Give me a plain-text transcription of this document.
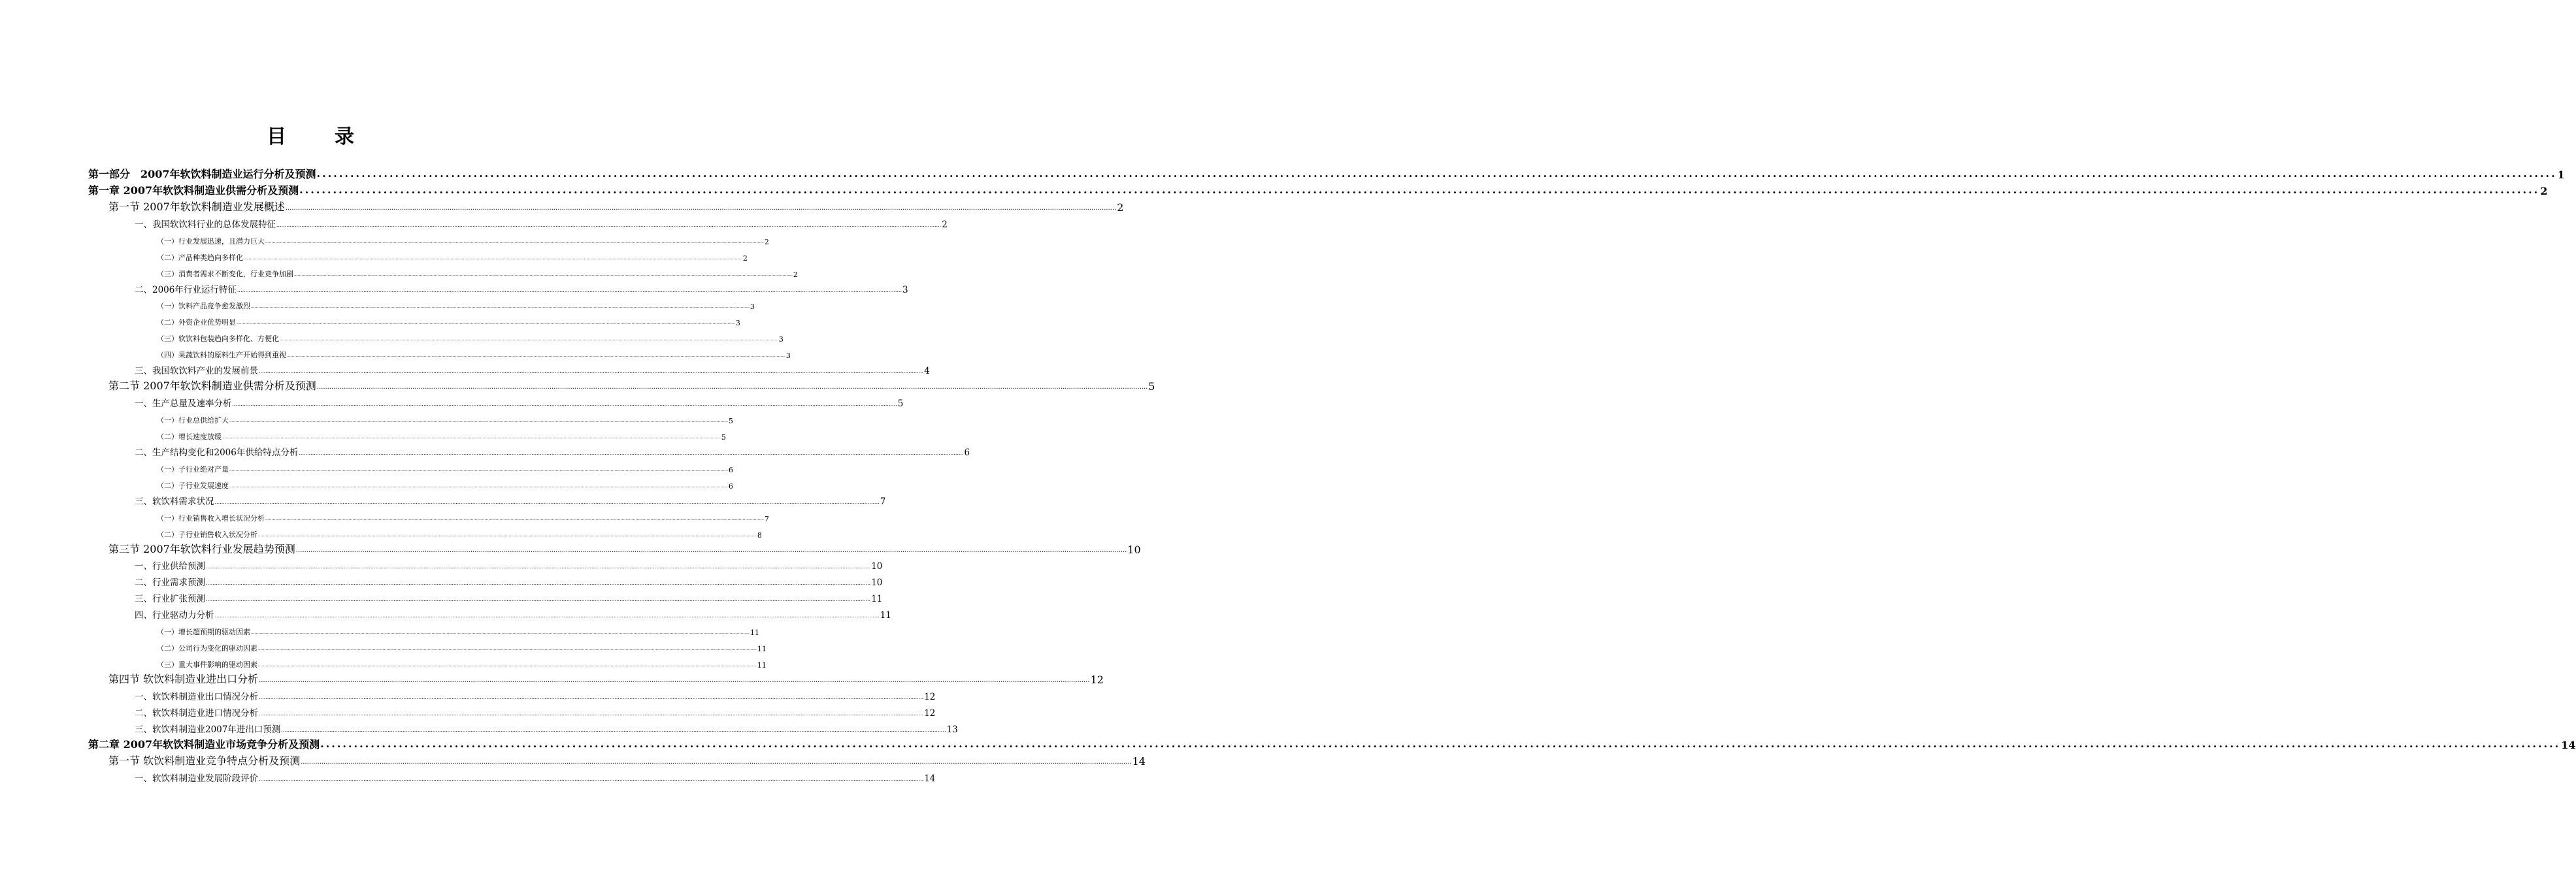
目　录
第一部分　2007年软饮料制造业运行分析及预测 ................................................................................................................................................................................................................................................................................................................................................................................................................ 1
第一章 2007年软饮料制造业供需分析及预测 ................................................................................................................................................................................................................................................................................................................................................................................................................ 2
第一节 2007年软饮料制造业发展概述 ................................................................................................................................................................................................................................................................................................................................................................................................................ 2
一、我国软饮料行业的总体发展特征 ................................................................................................................................................................................................................................................................................................................................................................................................................ 2
（一）行业发展迅速，且潜力巨大 ................................................................................................................................................................................................................................................................................................................................................................................................................ 2
（二）产品种类趋向多样化 ................................................................................................................................................................................................................................................................................................................................................................................................................ 2
（三）消费者需求不断变化，行业竞争加剧 ................................................................................................................................................................................................................................................................................................................................................................................................................ 2
二、2006年行业运行特征 ................................................................................................................................................................................................................................................................................................................................................................................................................ 3
（一）饮料产品竞争愈发激烈 ................................................................................................................................................................................................................................................................................................................................................................................................................ 3
（二）外资企业优势明显 ................................................................................................................................................................................................................................................................................................................................................................................................................ 3
（三）软饮料包装趋向多样化、方便化 ................................................................................................................................................................................................................................................................................................................................................................................................................ 3
（四）果蔬饮料的原料生产开始得到重视 ................................................................................................................................................................................................................................................................................................................................................................................................................ 3
三、我国软饮料产业的发展前景 ................................................................................................................................................................................................................................................................................................................................................................................................................ 4
第二节 2007年软饮料制造业供需分析及预测 ................................................................................................................................................................................................................................................................................................................................................................................................................ 5
一、生产总量及速率分析 ................................................................................................................................................................................................................................................................................................................................................................................................................ 5
（一）行业总供给扩大 ................................................................................................................................................................................................................................................................................................................................................................................................................ 5
（二）增长速度放缓 ................................................................................................................................................................................................................................................................................................................................................................................................................ 5
二、生产结构变化和2006年供给特点分析 ................................................................................................................................................................................................................................................................................................................................................................................................................ 6
（一）子行业绝对产量 ................................................................................................................................................................................................................................................................................................................................................................................................................ 6
（二）子行业发展速度 ................................................................................................................................................................................................................................................................................................................................................................................................................ 6
三、软饮料需求状况 ................................................................................................................................................................................................................................................................................................................................................................................................................ 7
（一）行业销售收入增长状况分析 ................................................................................................................................................................................................................................................................................................................................................................................................................ 7
（二）子行业销售收入状况分析 ................................................................................................................................................................................................................................................................................................................................................................................................................ 8
第三节 2007年软饮料行业发展趋势预测 ................................................................................................................................................................................................................................................................................................................................................................................................................ 10
一、行业供给预测 ................................................................................................................................................................................................................................................................................................................................................................................................................ 10
二、行业需求预测 ................................................................................................................................................................................................................................................................................................................................................................................................................ 10
三、行业扩张预测 ................................................................................................................................................................................................................................................................................................................................................................................................................ 11
四、行业驱动力分析 ................................................................................................................................................................................................................................................................................................................................................................................................................ 11
（一）增长超预期的驱动因素 ................................................................................................................................................................................................................................................................................................................................................................................................................ 11
（二）公司行为变化的驱动因素 ................................................................................................................................................................................................................................................................................................................................................................................................................ 11
（三）重大事件影响的驱动因素 ................................................................................................................................................................................................................................................................................................................................................................................................................ 11
第四节 软饮料制造业进出口分析 ................................................................................................................................................................................................................................................................................................................................................................................................................ 12
一、软饮料制造业出口情况分析 ................................................................................................................................................................................................................................................................................................................................................................................................................ 12
二、软饮料制造业进口情况分析 ................................................................................................................................................................................................................................................................................................................................................................................................................ 12
三、软饮料制造业2007年进出口预测 ................................................................................................................................................................................................................................................................................................................................................................................................................ 13
第二章 2007年软饮料制造业市场竞争分析及预测 ................................................................................................................................................................................................................................................................................................................................................................................................................ 14
第一节 软饮料制造业竞争特点分析及预测 ................................................................................................................................................................................................................................................................................................................................................................................................................ 14
一、软饮料制造业发展阶段评价 ................................................................................................................................................................................................................................................................................................................................................................................................................ 14
